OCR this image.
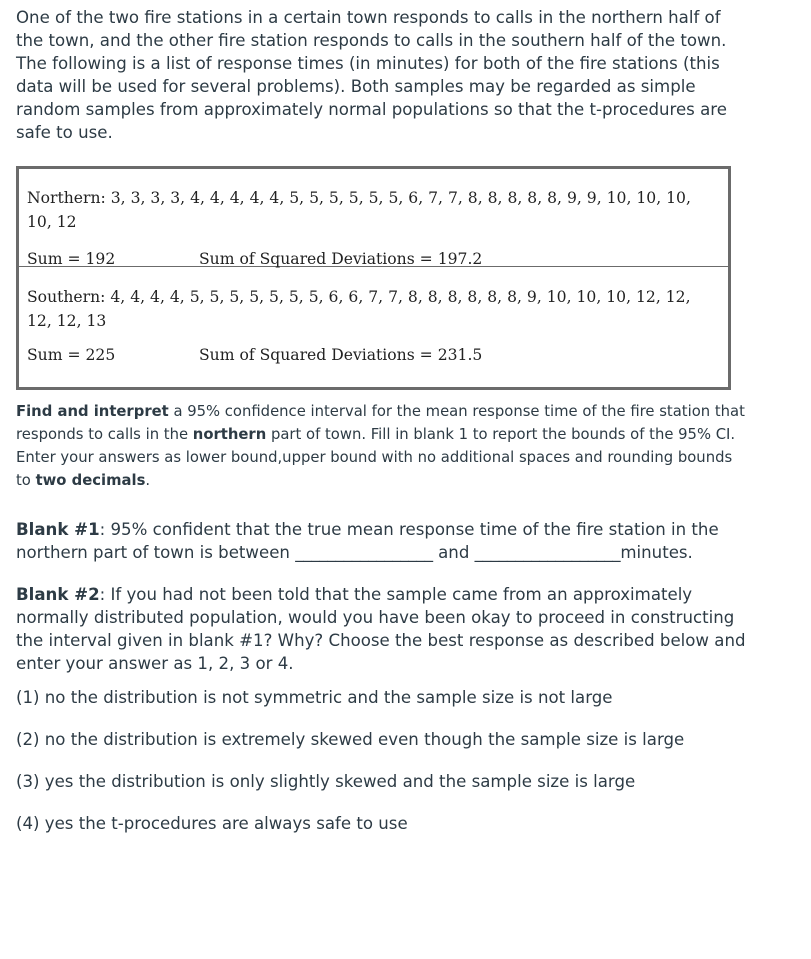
One of the two fire stations in a certain town responds to calls in the northern half of the town, and the other fire station responds to calls in the southern half of the town. The following is a list of response times (in minutes) for both of the fire stations (this data will be used for several problems). Both samples may be regarded as simple random samples from approximately normal populations so that the t-procedures are safe to use.

Northern: 3, 3, 3, 3, 4, 4, 4, 4, 4, 5, 5, 5, 5, 5, 5, 6, 7, 7, 8, 8, 8, 8, 8, 9, 9, 10, 10, 10, 10, 12

Sum = 192	Sum of Squared Deviations = 197.2

Southern: 4, 4, 4, 4, 5, 5, 5, 5, 5, 5, 5, 6, 6, 7, 7, 8, 8, 8, 8, 8, 8, 9, 10, 10, 10, 12, 12, 12, 12, 13

Sum = 225	Sum of Squared Deviations = 231.5

Find and interpret a 95% confidence interval for the mean response time of the fire station that responds to calls in the northern part of town. Fill in blank 1 to report the bounds of the 95% CI. Enter your answers as lower bound,upper bound with no additional spaces and rounding bounds to two decimals.

Blank #1: 95% confident that the true mean response time of the fire station in the northern part of town is between _________________ and __________________minutes.

Blank #2: If you had not been told that the sample came from an approximately normally distributed population, would you have been okay to proceed in constructing the interval given in blank #1? Why? Choose the best response as described below and enter your answer as 1, 2, 3 or 4.

(1) no the distribution is not symmetric and the sample size is not large

(2) no the distribution is extremely skewed even though the sample size is large

(3) yes the distribution is only slightly skewed and the sample size is large

(4) yes the t-procedures are always safe to use
